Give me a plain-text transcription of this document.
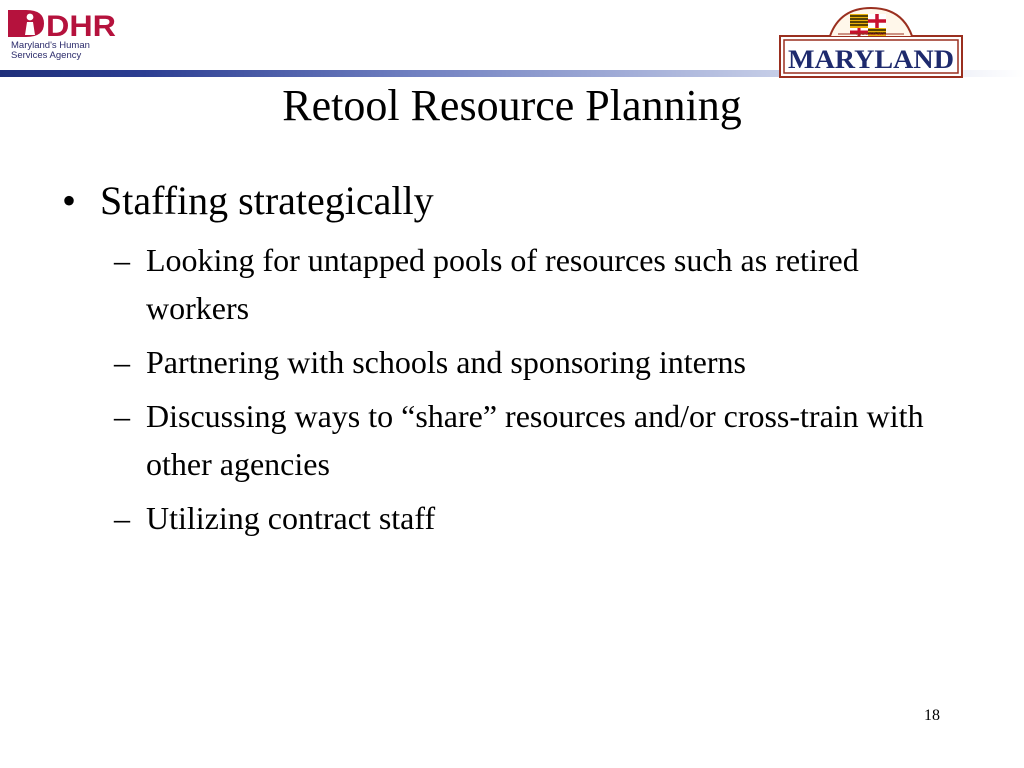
DHR
Maryland's Human Services Agency
FOUNDED 1634
MARYLAND
Retool Resource Planning
• Staffing strategically
– Looking for untapped pools of resources such as retired workers
– Partnering with schools and sponsoring interns
– Discussing ways to “share” resources and/or cross-train with other agencies
– Utilizing contract staff
18
